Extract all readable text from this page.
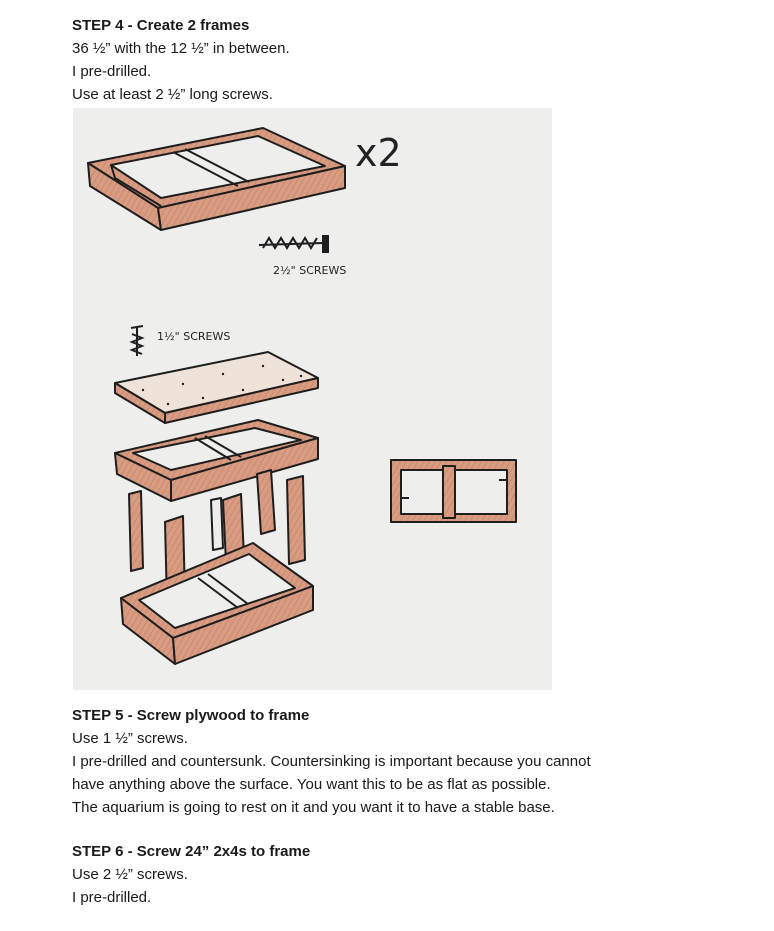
STEP 4 - Create 2 frames

36 ½” with the 12 ½” in between.

I pre-drilled.

Use at least 2 ½” long screws.

x2
2½" SCREWS
1½" SCREWS

STEP 5 - Screw plywood to frame

Use 1 ½” screws.

I pre-drilled and countersunk. Countersinking is important because you cannot

have anything above the surface. You want this to be as flat as possible.

The aquarium is going to rest on it and you want it to have a stable base.

STEP 6 - Screw 24” 2x4s to frame

Use 2 ½” screws.

I pre-drilled.
